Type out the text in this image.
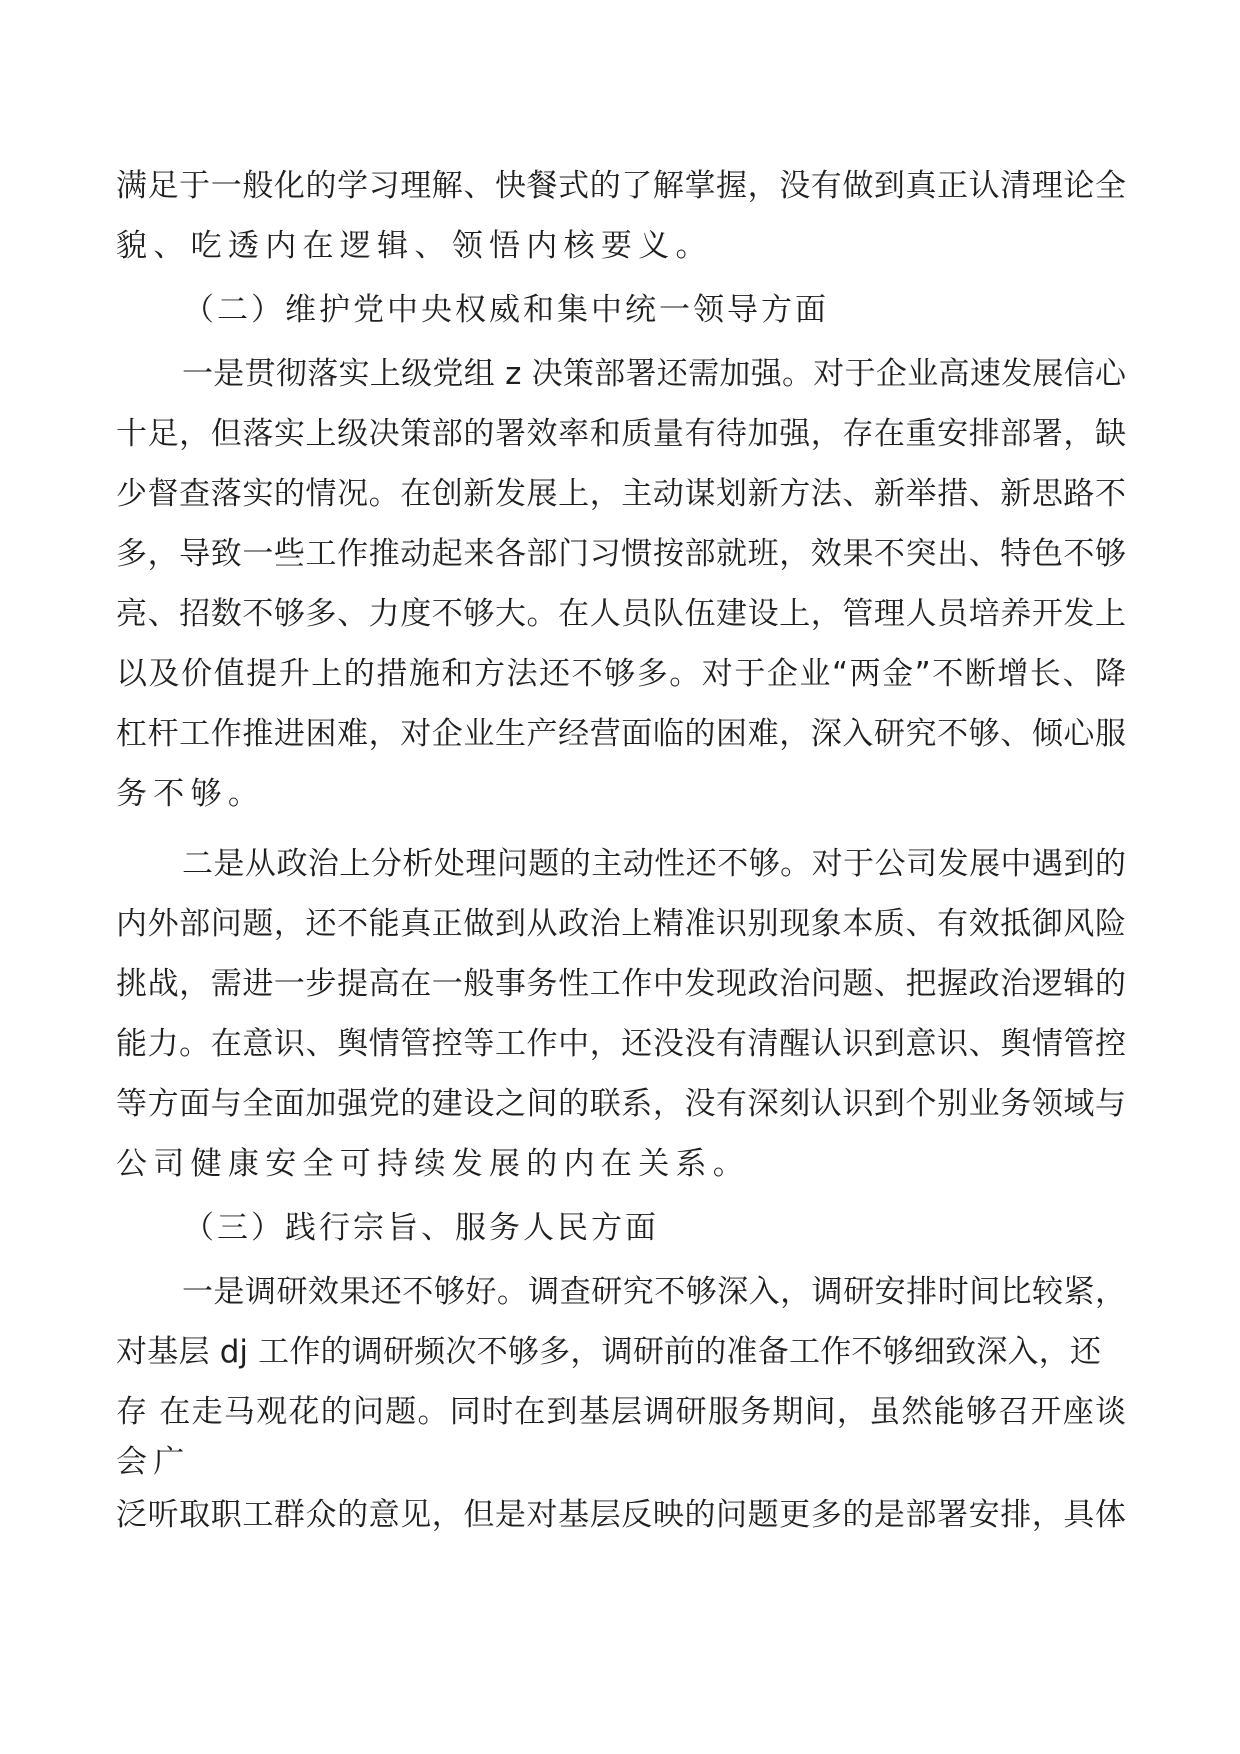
满足于一般化的学习理解、快餐式的了解掌握，没有做到真正认清理论全

貌、吃透内在逻辑、领悟内核要义。

（二）维护党中央权威和集中统一领导方面

一是贯彻落实上级党组 z 决策部署还需加强。对于企业高速发展信心

十足，但落实上级决策部的署效率和质量有待加强，存在重安排部署，缺

少督查落实的情况。在创新发展上，主动谋划新方法、新举措、新思路不

多，导致一些工作推动起来各部门习惯按部就班，效果不突出、特色不够

亮、招数不够多、力度不够大。在人员队伍建设上，管理人员培养开发上

以及价值提升上的措施和方法还不够多。对于企业“两金”不断增长、降

杠杆工作推进困难，对企业生产经营面临的困难，深入研究不够、倾心服

务不够。

二是从政治上分析处理问题的主动性还不够。对于公司发展中遇到的

内外部问题，还不能真正做到从政治上精准识别现象本质、有效抵御风险

挑战，需进一步提高在一般事务性工作中发现政治问题、把握政治逻辑的

能力。在意识、舆情管控等工作中，还没没有清醒认识到意识、舆情管控

等方面与全面加强党的建设之间的联系，没有深刻认识到个别业务领域与

公司健康安全可持续发展的内在关系。

（三）践行宗旨、服务人民方面

一是调研效果还不够好。调查研究不够深入，调研安排时间比较紧，

对基层 dj 工作的调研频次不够多，调研前的准备工作不够细致深入，还

存 在走马观花的问题。同时在到基层调研服务期间，虽然能够召开座谈

会广

泛听取职工群众的意见，但是对基层反映的问题更多的是部署安排，具体
